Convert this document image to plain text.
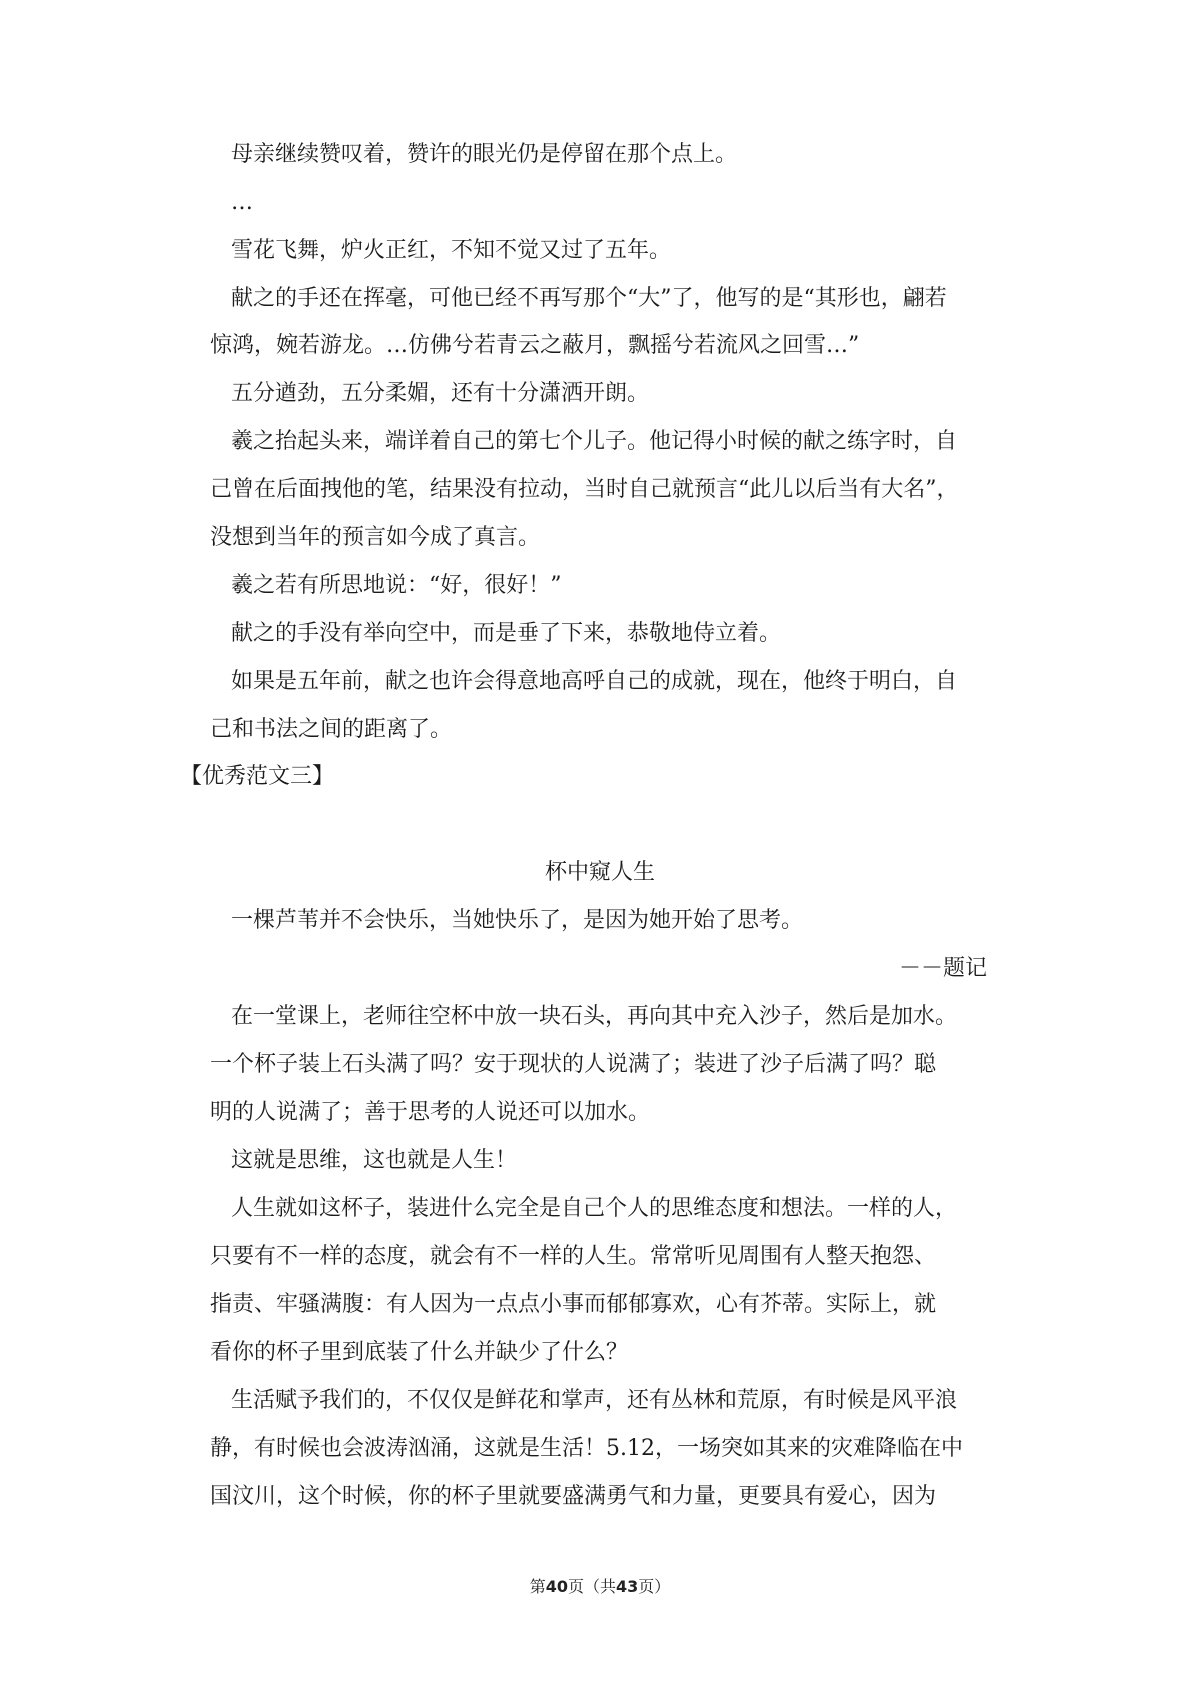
母亲继续赞叹着，赞许的眼光仍是停留在那个点上。
…
雪花飞舞，炉火正红，不知不觉又过了五年。
献之的手还在挥毫，可他已经不再写那个“大”了，他写的是“其形也，翩若
惊鸿，婉若游龙。…仿佛兮若青云之蔽月，飘摇兮若流风之回雪…”
五分遒劲，五分柔媚，还有十分潇洒开朗。
羲之抬起头来，端详着自己的第七个儿子。他记得小时候的献之练字时，自
己曾在后面拽他的笔，结果没有拉动，当时自己就预言“此儿以后当有大名”，
没想到当年的预言如今成了真言。
羲之若有所思地说：“好，很好！”
献之的手没有举向空中，而是垂了下来，恭敬地侍立着。
如果是五年前，献之也许会得意地高呼自己的成就，现在，他终于明白，自
己和书法之间的距离了。
【优秀范文三】
杯中窥人生
一棵芦苇并不会快乐，当她快乐了，是因为她开始了思考。
－－题记
在一堂课上，老师往空杯中放一块石头，再向其中充入沙子，然后是加水。
一个杯子装上石头满了吗？安于现状的人说满了；装进了沙子后满了吗？聪
明的人说满了；善于思考的人说还可以加水。
这就是思维，这也就是人生！
人生就如这杯子，装进什么完全是自己个人的思维态度和想法。一样的人，
只要有不一样的态度，就会有不一样的人生。常常听见周围有人整天抱怨、
指责、牢骚满腹：有人因为一点点小事而郁郁寡欢，心有芥蒂。实际上，就
看你的杯子里到底装了什么并缺少了什么？
生活赋予我们的，不仅仅是鲜花和掌声，还有丛林和荒原，有时候是风平浪
静，有时候也会波涛汹涌，这就是生活！5.12，一场突如其来的灾难降临在中
国汶川，这个时候，你的杯子里就要盛满勇气和力量，更要具有爱心，因为
第40页（共43页）
